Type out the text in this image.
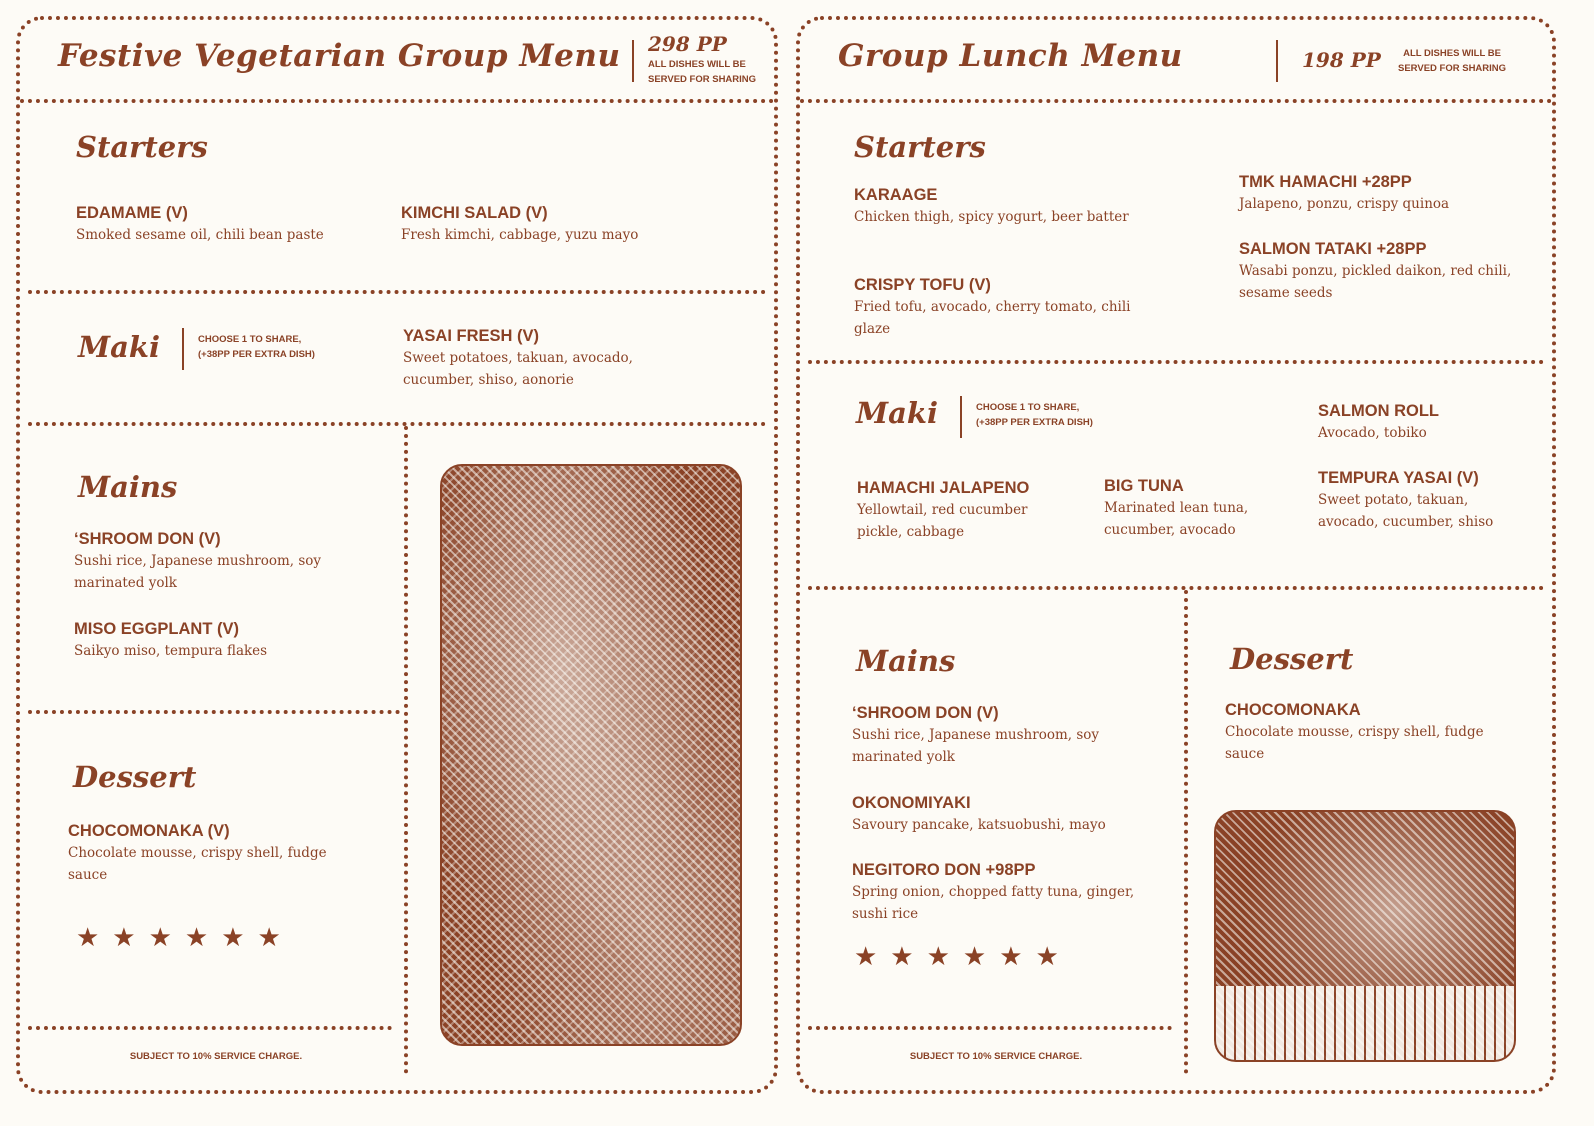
Festive Vegetarian Group Menu 298 PP
ALL DISHES WILL BE
SERVED FOR SHARING
Starters
EDAMAME (V)
Smoked sesame oil, chili bean paste
KIMCHI SALAD (V)
Fresh kimchi, cabbage, yuzu mayo
Maki	CHOOSE 1 TO SHARE,
(+38PP PER EXTRA DISH)
YASAI FRESH (V)
Sweet potatoes, takuan, avocado, cucumber, shiso, aonorie
Mains
‘SHROOM DON (V)
Sushi rice, Japanese mushroom, soy marinated yolk
MISO EGGPLANT (V)
Saikyo miso, tempura flakes
Dessert
CHOCOMONAKA (V)
Chocolate mousse, crispy shell, fudge sauce
★★★★★★
SUBJECT TO 10% SERVICE CHARGE.
Group Lunch Menu	198 PP	ALL DISHES WILL BE
SERVED FOR SHARING
Starters
KARAAGE
Chicken thigh, spicy yogurt, beer batter
CRISPY TOFU (V)
Fried tofu, avocado, cherry tomato, chili glaze
TMK HAMACHI +28PP
Jalapeno, ponzu, crispy quinoa
SALMON TATAKI +28PP
Wasabi ponzu, pickled daikon, red chili, sesame seeds
Maki	CHOOSE 1 TO SHARE,
(+38PP PER EXTRA DISH)
SALMON ROLL
Avocado, tobiko
HAMACHI JALAPENO
Yellowtail, red cucumber pickle, cabbage
BIG TUNA
Marinated lean tuna, cucumber, avocado
TEMPURA YASAI (V)
Sweet potato, takuan, avocado, cucumber, shiso
Mains
‘SHROOM DON (V)
Sushi rice, Japanese mushroom, soy marinated yolk
OKONOMIYAKI
Savoury pancake, katsuobushi, mayo
NEGITORO DON +98PP
Spring onion, chopped fatty tuna, ginger, sushi rice
★★★★★★
SUBJECT TO 10% SERVICE CHARGE.
Dessert
CHOCOMONAKA
Chocolate mousse, crispy shell, fudge sauce
